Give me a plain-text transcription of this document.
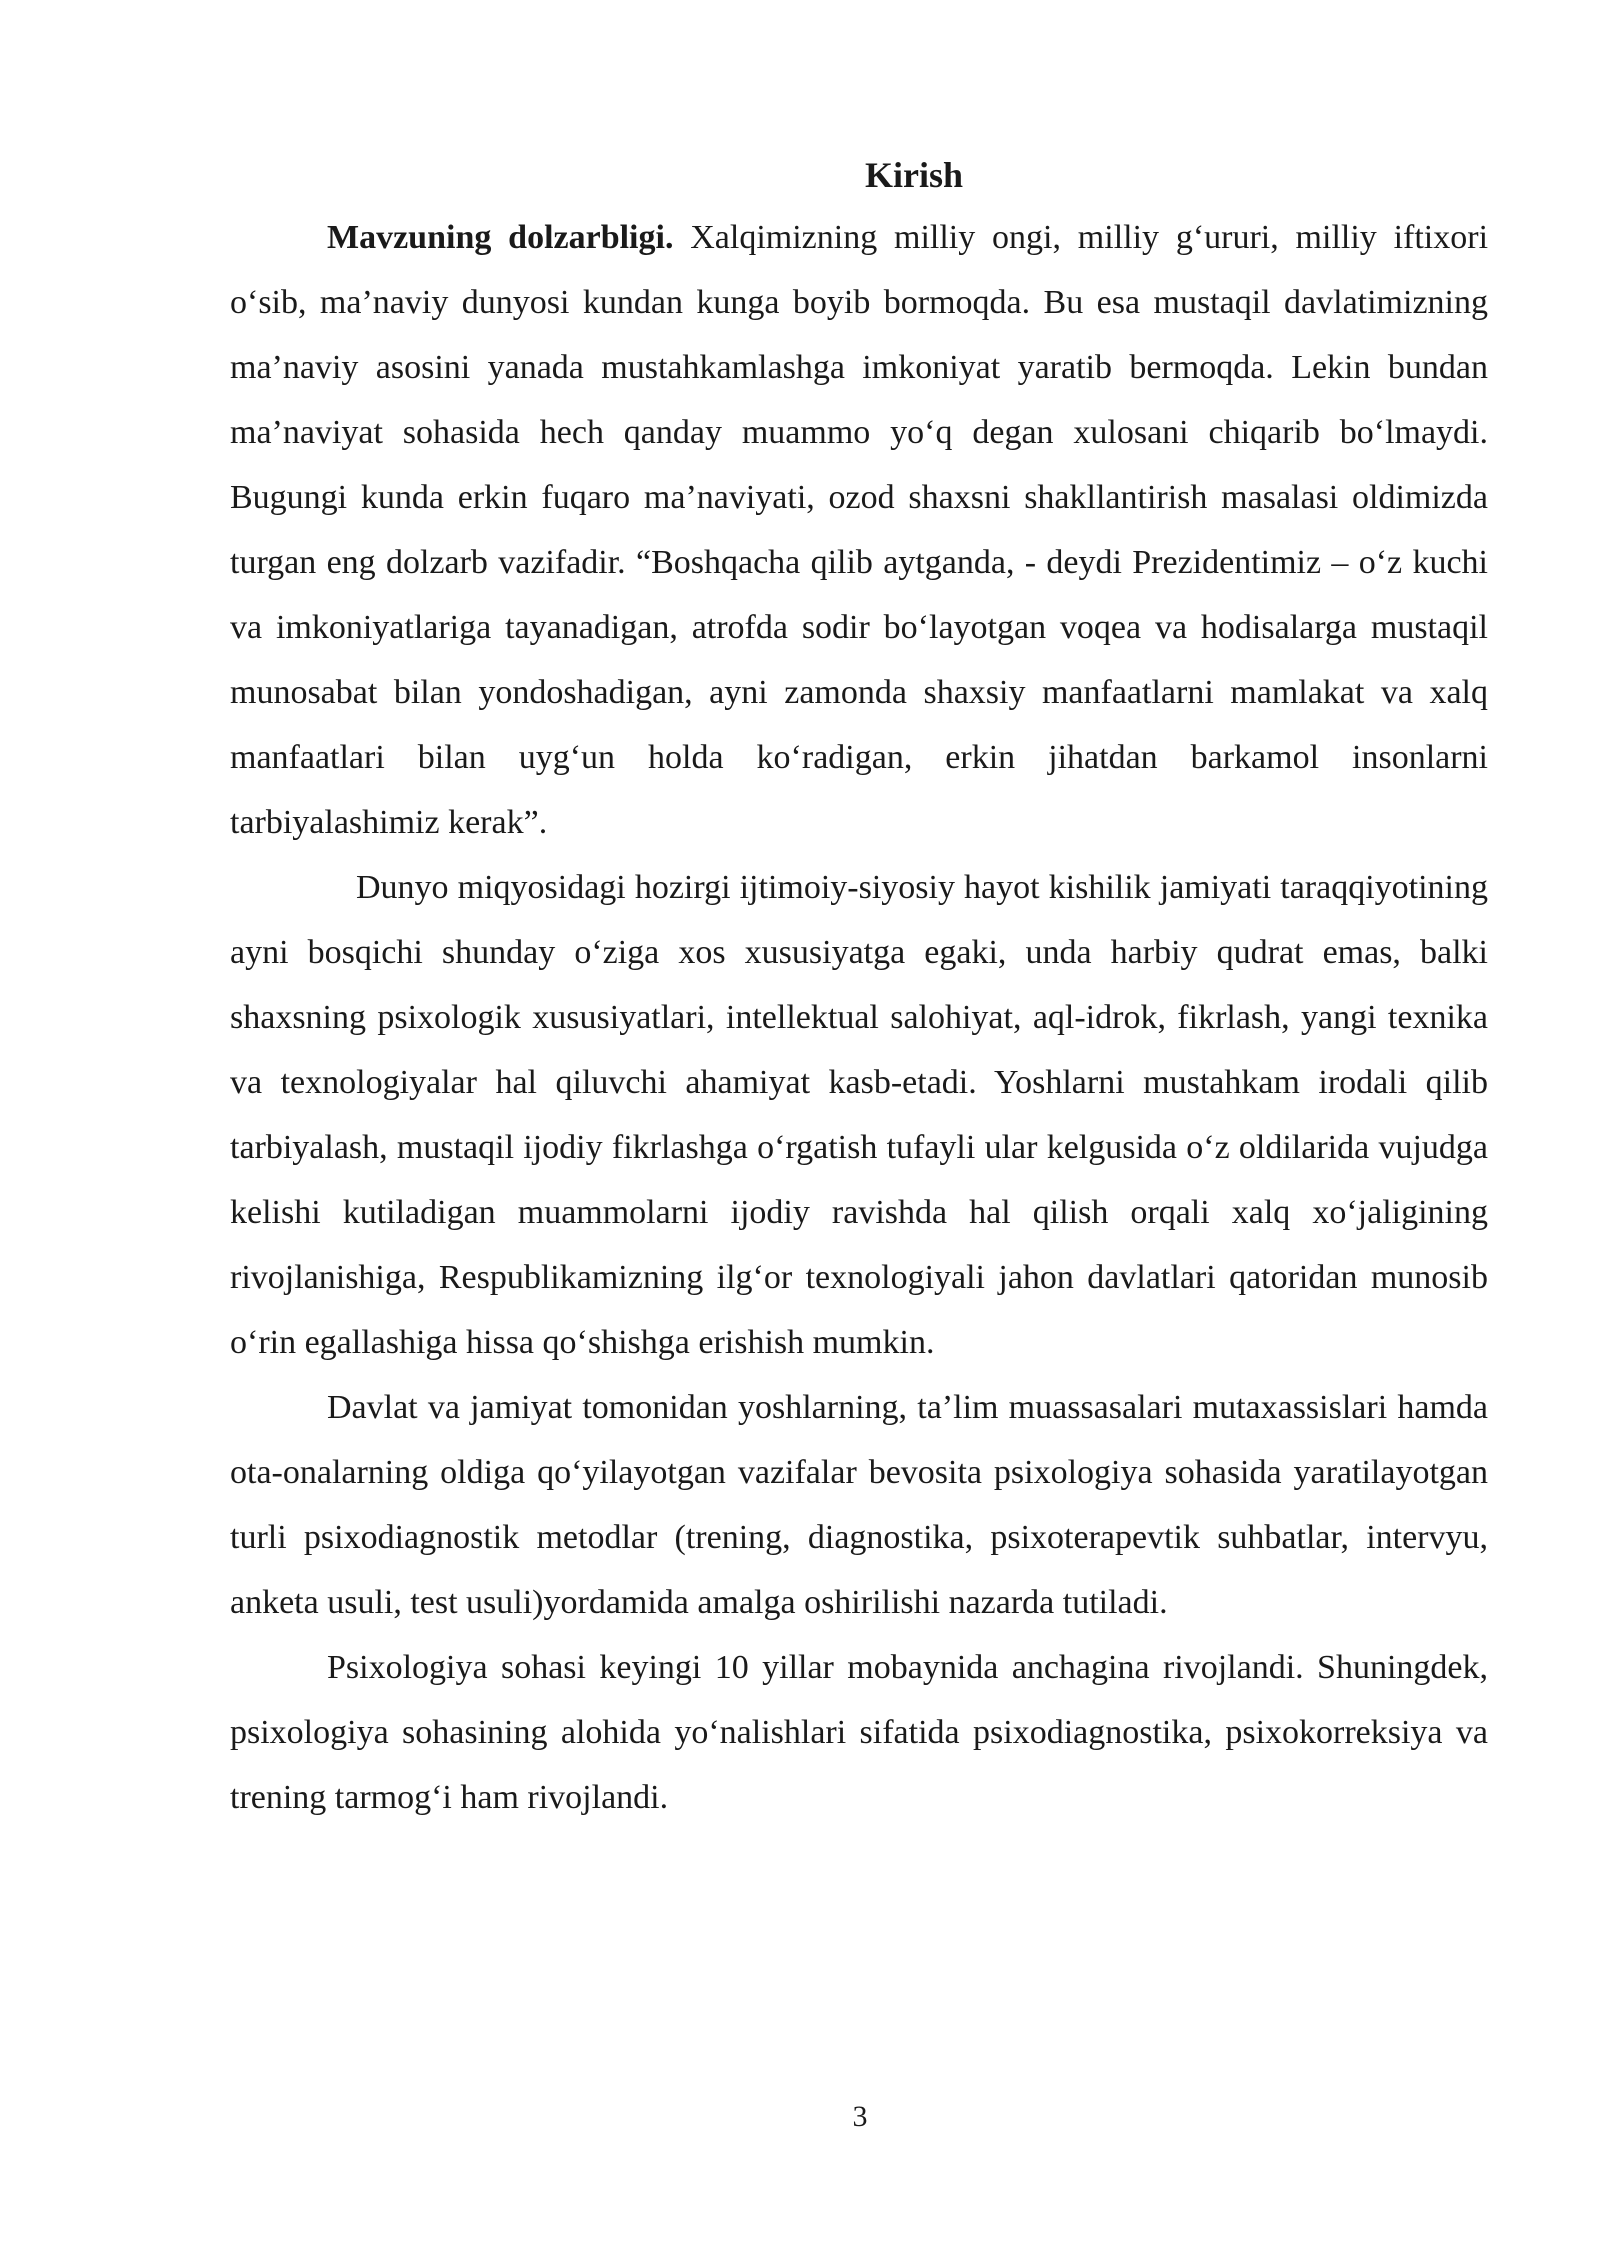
Kirish

Mavzuning dolzarbligi. Xalqimizning milliy ongi, milliy g‘ururi, milliy iftixori o‘sib, ma’naviy dunyosi kundan kunga boyib bormoqda. Bu esa mustaqil davlatimizning ma’naviy asosini yanada mustahkamlashga imkoniyat yaratib bermoqda. Lekin bundan ma’naviyat sohasida hech qanday muammo yo‘q degan xulosani chiqarib bo‘lmaydi. Bugungi kunda erkin fuqaro ma’naviyati, ozod shaxsni shakllantirish masalasi oldimizda turgan eng dolzarb vazifadir. “Boshqacha qilib aytganda, - deydi Prezidentimiz – o‘z kuchi va imkoniyatlariga tayanadigan, atrofda sodir bo‘layotgan voqea va hodisalarga mustaqil munosabat bilan yondoshadigan, ayni zamonda shaxsiy manfaatlarni mamlakat va xalq manfaatlari bilan uyg‘un holda ko‘radigan, erkin jihatdan barkamol insonlarni tarbiyalashimiz kerak”.

Dunyo miqyosidagi hozirgi ijtimoiy-siyosiy hayot kishilik jamiyati taraqqiyotining ayni bosqichi shunday o‘ziga xos xususiyatga egaki, unda harbiy qudrat emas, balki shaxsning psixologik xususiyatlari, intellektual salohiyat, aql-idrok, fikrlash, yangi texnika va texnologiyalar hal qiluvchi ahamiyat kasb-etadi. Yoshlarni mustahkam irodali qilib tarbiyalash, mustaqil ijodiy fikrlashga o‘rgatish tufayli ular kelgusida o‘z oldilarida vujudga kelishi kutiladigan muammolarni ijodiy ravishda hal qilish orqali xalq xo‘jaligining rivojlanishiga, Respublikamizning ilg‘or texnologiyali jahon davlatlari qatoridan munosib o‘rin egallashiga hissa qo‘shishga erishish mumkin.

Davlat va jamiyat tomonidan yoshlarning, ta’lim muassasalari mutaxassislari hamda ota-onalarning oldiga qo‘yilayotgan vazifalar bevosita psixologiya sohasida yaratilayotgan turli psixodiagnostik metodlar (trening, diagnostika, psixoterapevtik suhbatlar, intervyu, anketa usuli, test usuli)yordamida amalga oshirilishi nazarda tutiladi.

Psixologiya sohasi keyingi 10 yillar mobaynida anchagina rivojlandi. Shuningdek, psixologiya sohasining alohida yo‘nalishlari sifatida psixodiagnostika, psixokorreksiya va trening tarmog‘i ham rivojlandi.

3
